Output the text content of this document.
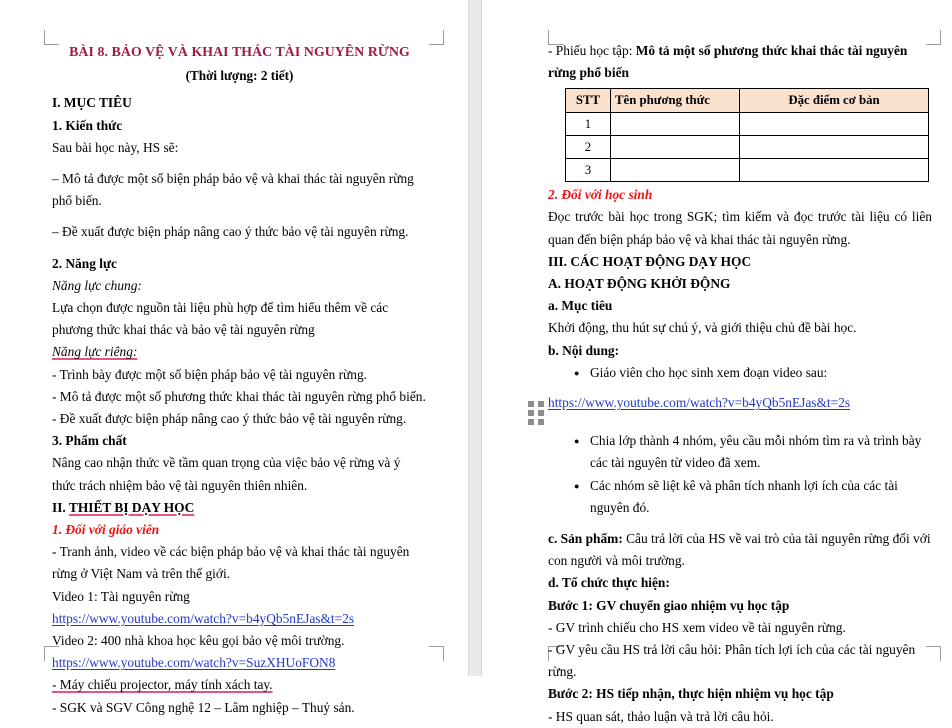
BÀI 8. BẢO VỆ VÀ KHAI THÁC TÀI NGUYÊN RỪNG

(Thời lượng: 2 tiết)

I. MỤC TIÊU

1. Kiến thức

Sau bài học này, HS sẽ:

– Mô tả được một số biện pháp bảo vệ và khai thác tài nguyên rừng phổ biến.

– Đề xuất được biện pháp nâng cao ý thức bảo vệ tài nguyên rừng.

2. Năng lực

Năng lực chung:

Lựa chọn được nguồn tài liệu phù hợp để tìm hiểu thêm về các phương thức khai thác và bảo vệ tài nguyên rừng

Năng lực riêng:

- Trình bày được một số biện pháp bảo vệ tài nguyên rừng.

- Mô tả được một số phương thức khai thác tài nguyên rừng phổ biến.

- Đề xuất được biện pháp nâng cao ý thức bảo vệ tài nguyên rừng.

3. Phẩm chất

Nâng cao nhận thức về tầm quan trọng của việc bảo vệ rừng và ý thức trách nhiệm bảo vệ tài nguyên thiên nhiên.

II. THIẾT BỊ DẠY HỌC

1. Đối với giáo viên

- Tranh ảnh, video về các biện pháp bảo vệ và khai thác tài nguyên rừng ở Việt Nam và trên thế giới.

Video 1: Tài nguyên rừng

https://www.youtube.com/watch?v=b4yQb5nEJas&t=2s

Video 2: 400 nhà khoa học kêu gọi bảo vệ môi trường.

https://www.youtube.com/watch?v=SuzXHUoFON8

- Máy chiếu projector, máy tính xách tay.

- SGK và SGV Công nghệ 12 – Lâm nghiệp – Thuỷ sản.

- Phiếu học tập: Mô tả một số phương thức khai thác tài nguyên rừng phổ biến

STT	Tên phương thức	Đặc điểm cơ bản
1		
2		
3		

2. Đối với học sinh

Đọc trước bài học trong SGK; tìm kiếm và đọc trước tài liệu có liên quan đến biện pháp bảo vệ và khai thác tài nguyên rừng.

III. CÁC HOẠT ĐỘNG DẠY HỌC

A. HOẠT ĐỘNG KHỞI ĐỘNG

a. Mục tiêu

Khởi động, thu hút sự chú ý, và giới thiệu chủ đề bài học.

b. Nội dung:

● Giáo viên cho học sinh xem đoạn video sau:

https://www.youtube.com/watch?v=b4yQb5nEJas&t=2s

● Chia lớp thành 4 nhóm, yêu cầu mỗi nhóm tìm ra và trình bày các tài nguyên từ video đã xem.
● Các nhóm sẽ liệt kê và phân tích nhanh lợi ích của các tài nguyên đó.

c. Sản phẩm: Câu trả lời của HS về vai trò của tài nguyên rừng đối với con người và môi trường.

d. Tổ chức thực hiện:

Bước 1: GV chuyển giao nhiệm vụ học tập

- GV trình chiếu cho HS xem video về tài nguyên rừng.

- GV yêu cầu HS trả lời câu hỏi: Phân tích lợi ích của các tài nguyên rừng.

Bước 2: HS tiếp nhận, thực hiện nhiệm vụ học tập

- HS quan sát, thảo luận và trả lời câu hỏi.
